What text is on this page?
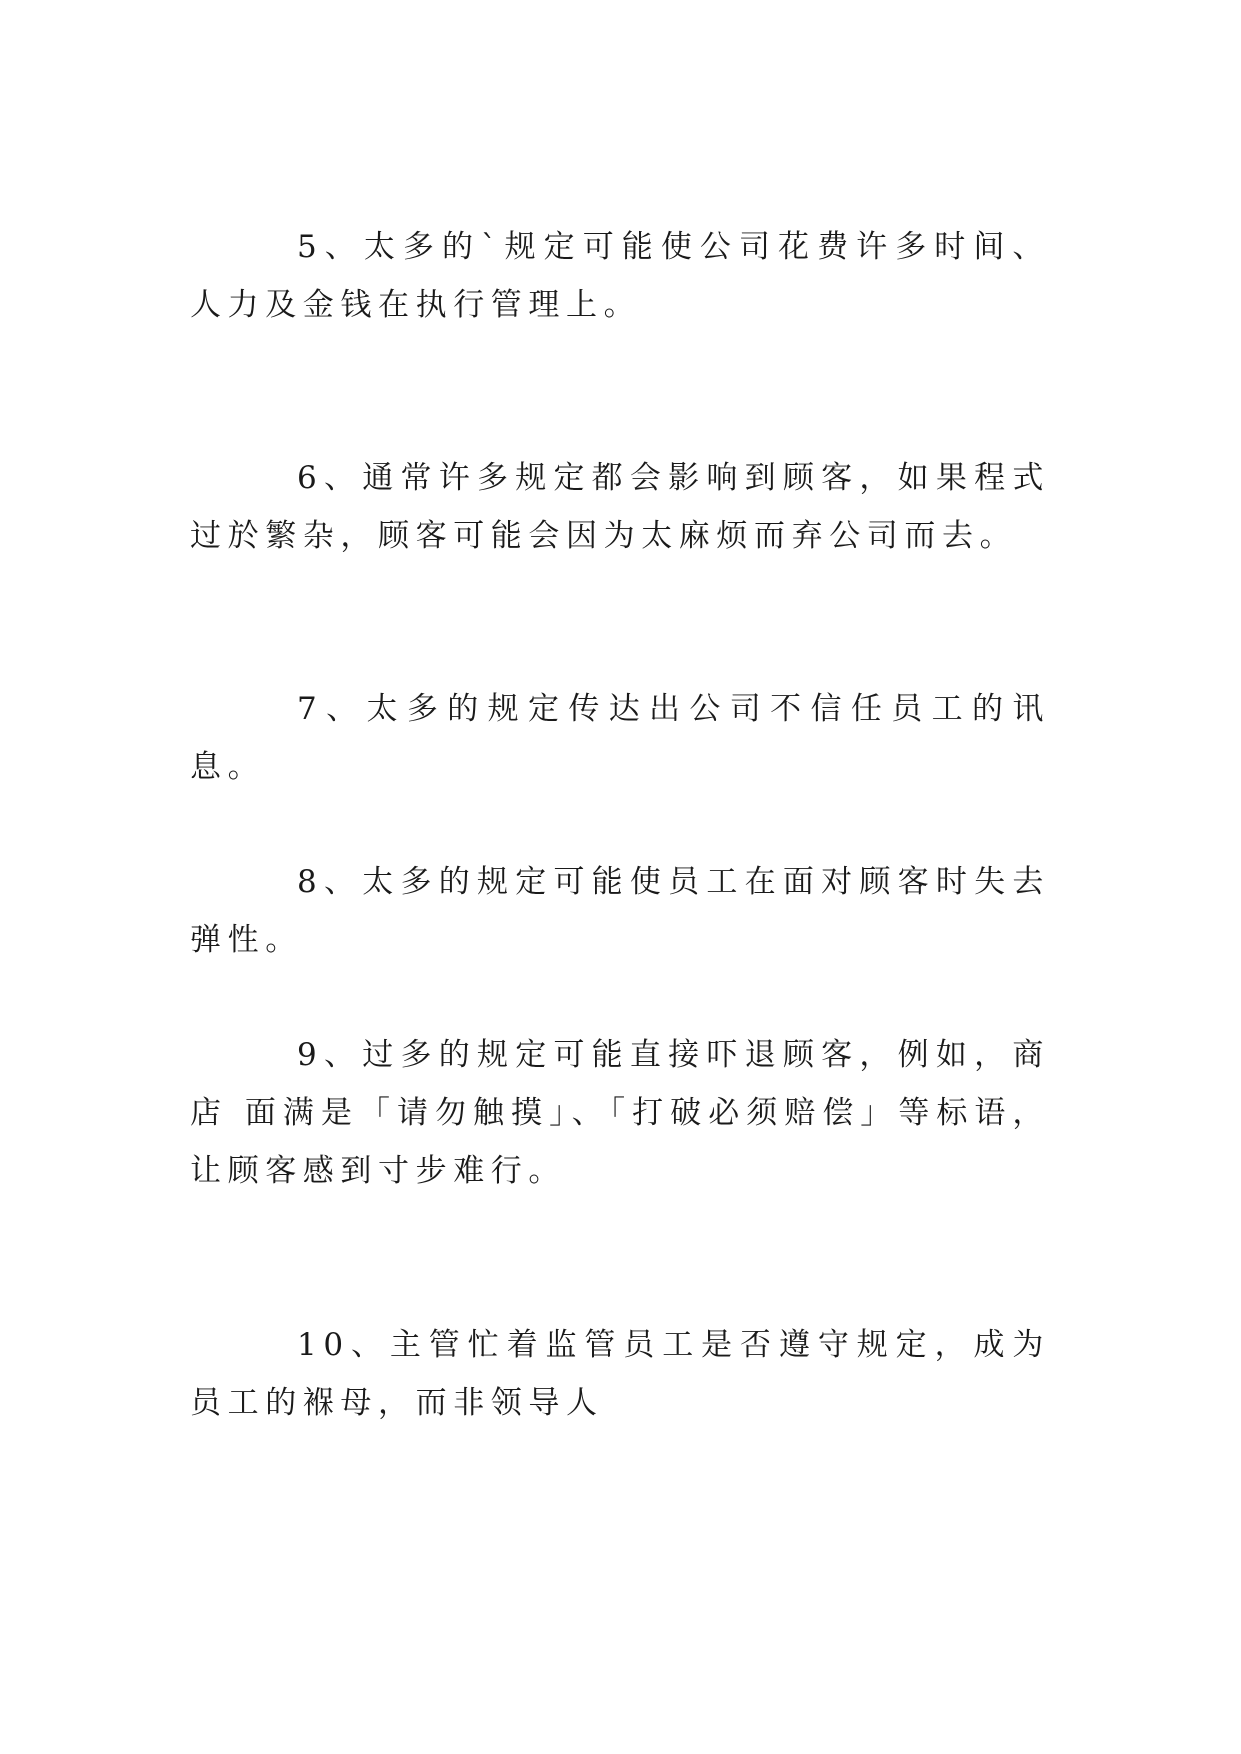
5、太多的`规定可能使公司花费许多时间、人力及金钱在执行管理上。

6、通常许多规定都会影响到顾客，如果程式过於繁杂，顾客可能会因为太麻烦而弃公司而去。

7、太多的规定传达出公司不信任员工的讯息。

8、太多的规定可能使员工在面对顾客时失去弹性。

9、过多的规定可能直接吓退顾客，例如，商店 面满是「请勿触摸」、「打破必须赔偿」等标语，让顾客感到寸步难行。

10、主管忙着监管员工是否遵守规定，成为员工的褓母，而非领导人
